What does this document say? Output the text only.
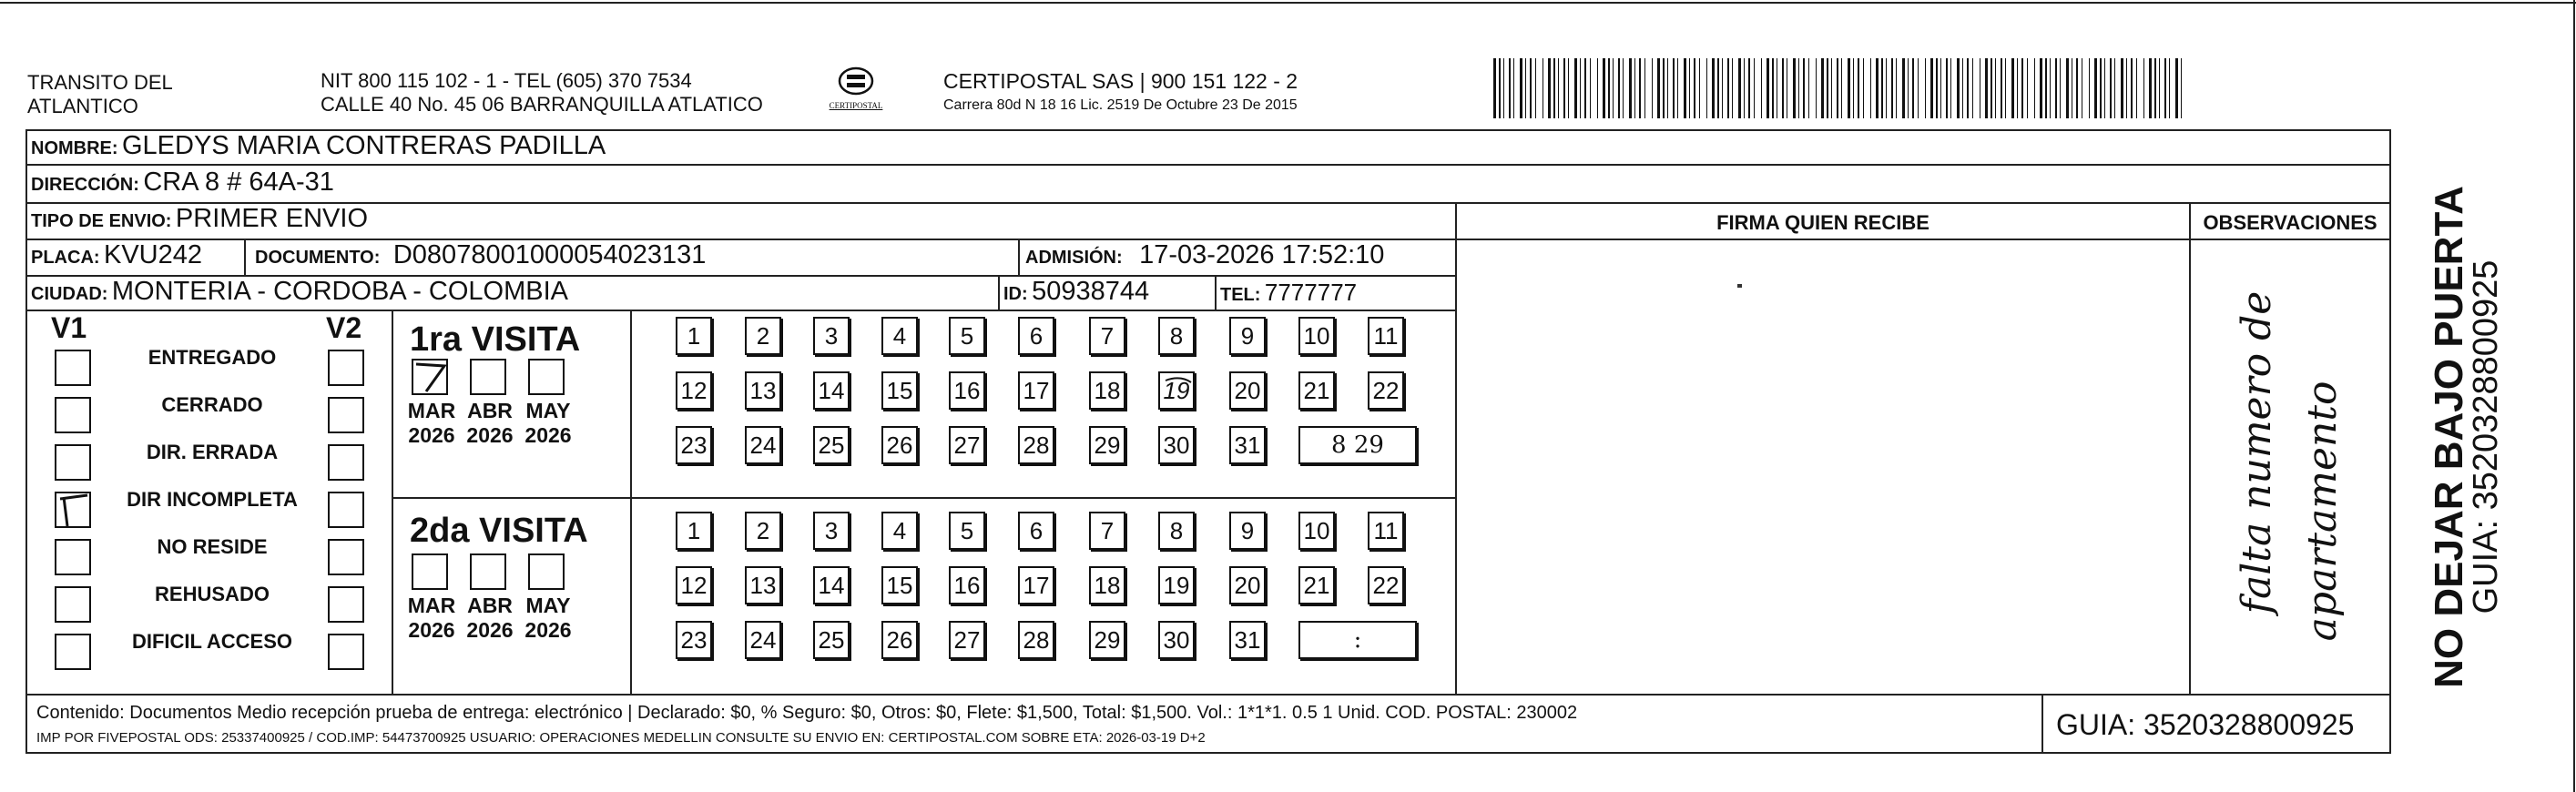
TRANSITO DEL
ATLANTICO
NIT 800 115 102 - 1 - TEL (605) 370 7534
CALLE 40 No. 45 06 BARRANQUILLA ATLATICO	CERTIPOSTAL
CERTIPOSTAL SAS | 900 151 122 - 2
Carrera 80d N 18 16 Lic. 2519 De Octubre 23 De 2015
NOMBRE: GLEDYS MARIA CONTRERAS PADILLA
DIRECCIÓN: CRA 8 # 64A-31
TIPO DE ENVIO: PRIMER ENVIO
PLACA: KVU242	DOCUMENTO: D08078001000054023131	ADMISIÓN: 17-03-2026 17:52:10
CIUDAD: MONTERIA - CORDOBA - COLOMBIA	ID: 50938744	TEL: 7777777
FIRMA QUIEN RECIBE	OBSERVACIONES
falta numero de apartamento
V1	V2
ENTREGADO
CERRADO
DIR. ERRADA
DIR INCOMPLETA
NO RESIDE
REHUSADO
DIFICIL ACCESO
1ra VISITA
2da VISITA
MAR
2026
ABR
2026
MAY
2026
1	2	3	4	5	6	7	8	9	10 11
12 13 14 15 16 17 18 19 20 21 22
23 24 25 26 27 28 29 30 31	8 29
MAR
2026
ABR
2026
MAY
2026
1	2	3	4	5	6	7	8	9	10 11
12 13 14 15 16 17 18 19 20 21 22
23 24 25 26 27 28 29 30 31	:
Contenido: Documentos Medio recepción prueba de entrega: electrónico | Declarado: $0, % Seguro: $0, Otros: $0, Flete: $1,500, Total: $1,500. Vol.: 1*1*1. 0.5 1 Unid. COD. POSTAL: 230002
IMP POR FIVEPOSTAL ODS: 25337400925 / COD.IMP: 54473700925 USUARIO: OPERACIONES MEDELLIN CONSULTE SU ENVIO EN: CERTIPOSTAL.COM SOBRE ETA: 2026-03-19 D+2	GUIA: 3520328800925
NO DEJAR BAJO PUERTA
GUIA: 3520328800925
